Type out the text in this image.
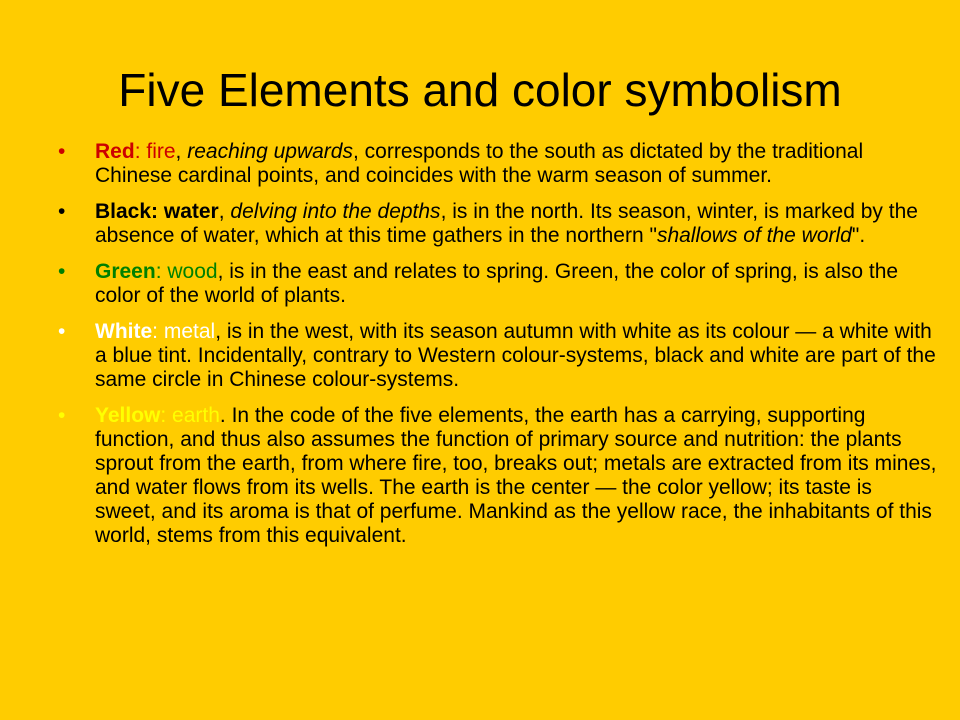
Five Elements and color symbolism
• Red: fire, reaching upwards, corresponds to the south as dictated by the traditional Chinese cardinal points, and coincides with the warm season of summer.
• Black: water, delving into the depths, is in the north. Its season, winter, is marked by the absence of water, which at this time gathers in the northern "shallows of the world".
• Green: wood, is in the east and relates to spring. Green, the color of spring, is also the color of the world of plants.
• White: metal, is in the west, with its season autumn with white as its colour — a white with a blue tint. Incidentally, contrary to Western colour-systems, black and white are part of the same circle in Chinese colour-systems.
• Yellow: earth. In the code of the five elements, the earth has a carrying, supporting function, and thus also assumes the function of primary source and nutrition: the plants sprout from the earth, from where fire, too, breaks out; metals are extracted from its mines, and water flows from its wells. The earth is the center — the color yellow; its taste is sweet, and its aroma is that of perfume. Mankind as the yellow race, the inhabitants of this world, stems from this equivalent.
